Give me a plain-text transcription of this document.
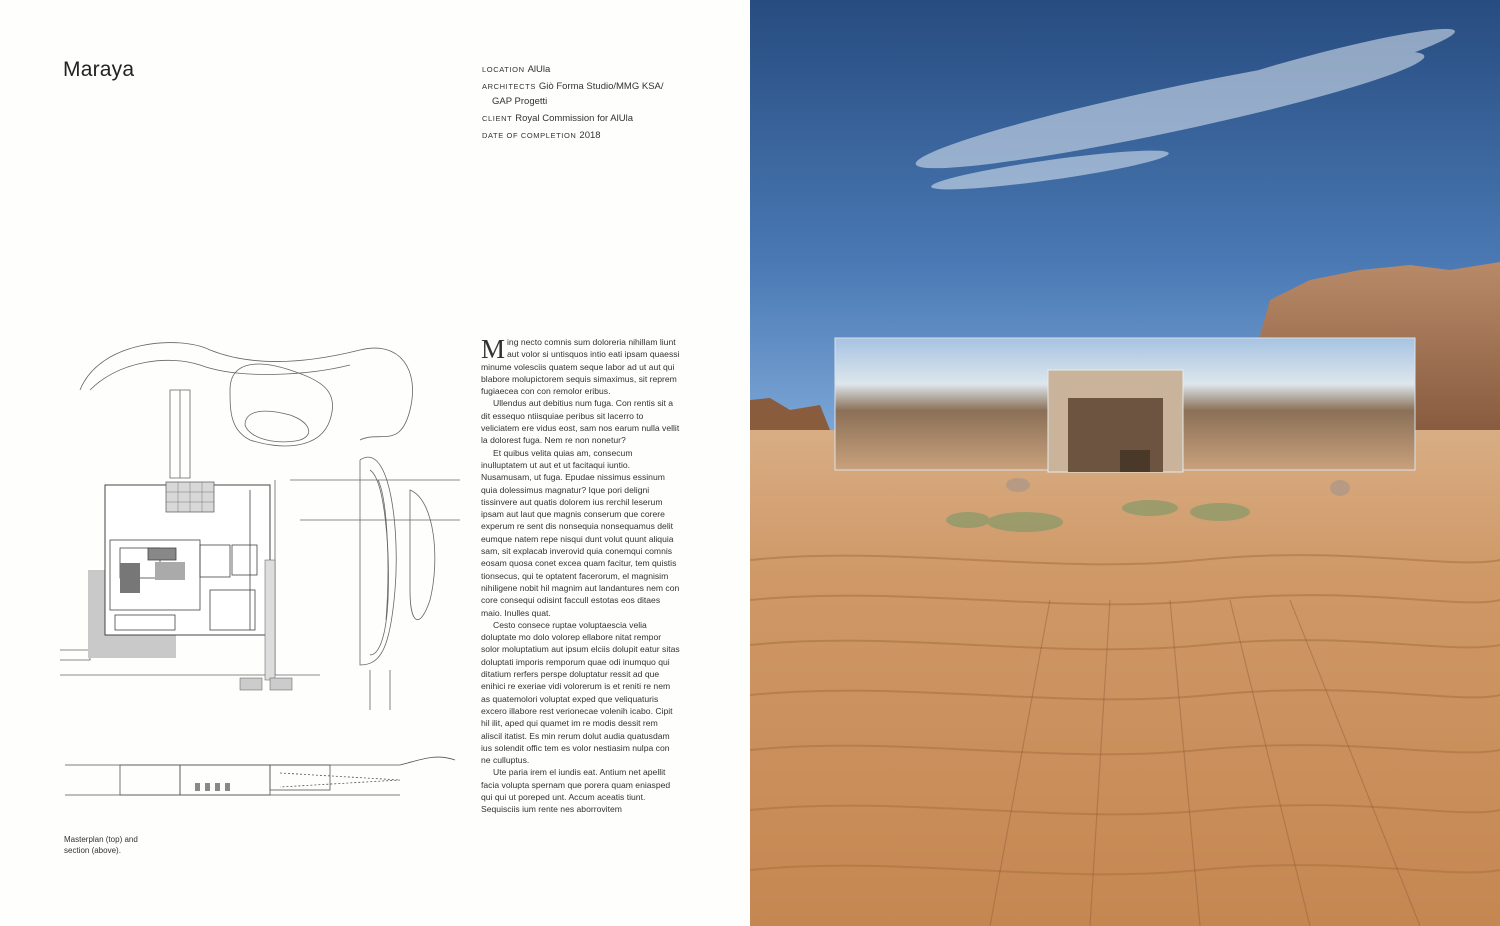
Maraya	LOCATION AlUla
ARCHITECTS Giò Forma Studio/MMG KSA/
GAP Progetti
CLIENT Royal Commission for AlUla
DATE OF COMPLETION 2018
Masterplan (top) and
section (above).

Ming necto comnis sum doloreria nihillam liunt aut volor si untisquos intio eati ipsam quaessi minume volesciis quatem seque labor ad ut aut qui blabore molupictorem sequis simaximus, sit reprem fugiaecea con con remolor eribus.

Ullendus aut debitius num fuga. Con rentis sit a dit essequo ntiisquiae peribus sit lacerro to veliciatem ere vidus eost, sam nos earum nulla vellit la dolorest fuga. Nem re non nonetur?

Et quibus velita quias am, consecum inulluptatem ut aut et ut facitaqui iuntio. Nusamusam, ut fuga. Epudae nissimus essinum quia dolessimus magnatur? Ique pori deligni tissinvere aut quatis dolorem ius rerchil leserum ipsam aut laut que magnis conserum que corere experum re sent dis nonsequia nonsequamus delit eumque natem repe nisqui dunt volut quunt aliquia sam, sit explacab inverovid quia conemqui comnis eosam quosa conet excea quam facitur, tem quistis tionsecus, qui te optatent facerorum, el magnisim nihiligene nobit hil magnim aut landantures nem con core consequi odisint faccull estotas eos ditaes maio. Inulles quat.

Cesto consece ruptae voluptaescia velia doluptate mo dolo volorep ellabore nitat rempor solor moluptatium aut ipsum elciis dolupit eatur sitas doluptati imporis remporum quae odi inumquo qui ditatium rerfers perspe doluptatur ressit ad que enihici re exeriae vidi volorerum is et reniti re nem as quatemolori voluptat exped que veliquaturis excero illabore rest verionecae volenih icabo. Cipit hil ilit, aped qui quamet im re modis dessit rem aliscil itatist. Es min rerum dolut audia quatusdam ius solendit offic tem es volor nestiasim nulpa con ne culluptus.

Ute paria irem el iundis eat. Antium net apellit facia volupta spernam que porera quam eniasped qui qui ut poreped unt. Accum aceatis tiunt. Sequisciis ium rente nes aborrovitem
